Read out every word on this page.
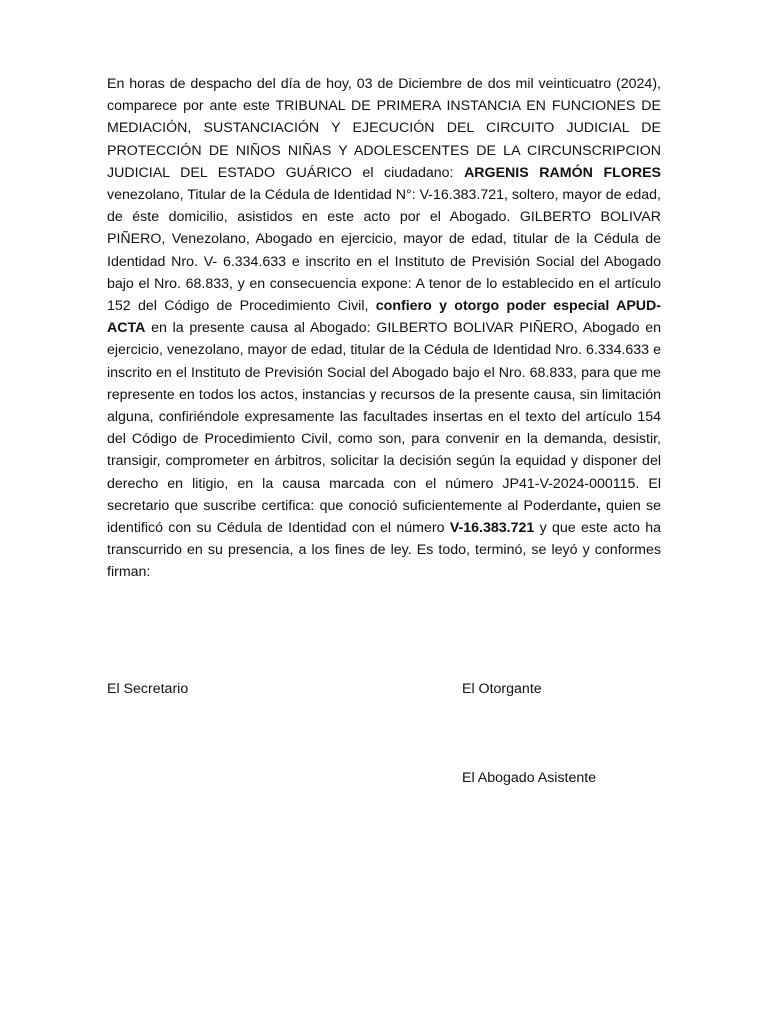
En horas de despacho del día de hoy, 03 de Diciembre de dos mil veinticuatro (2024), comparece por ante este TRIBUNAL DE PRIMERA INSTANCIA EN FUNCIONES DE MEDIACIÓN, SUSTANCIACIÓN Y EJECUCIÓN DEL CIRCUITO JUDICIAL DE PROTECCIÓN DE NIÑOS NIÑAS Y ADOLESCENTES DE LA CIRCUNSCRIPCION JUDICIAL DEL ESTADO GUÁRICO el ciudadano: ARGENIS RAMÓN FLORES venezolano, Titular de la Cédula de Identidad N°: V-16.383.721, soltero, mayor de edad, de éste domicilio, asistidos en este acto por el Abogado. GILBERTO BOLIVAR PIÑERO, Venezolano, Abogado en ejercicio, mayor de edad, titular de la Cédula de Identidad Nro. V- 6.334.633 e inscrito en el Instituto de Previsión Social del Abogado bajo el Nro. 68.833, y en consecuencia expone: A tenor de lo establecido en el artículo 152 del Código de Procedimiento Civil, confiero y otorgo poder especial APUD-ACTA en la presente causa al Abogado: GILBERTO BOLIVAR PIÑERO, Abogado en ejercicio, venezolano, mayor de edad, titular de la Cédula de Identidad Nro. 6.334.633 e inscrito en el Instituto de Previsión Social del Abogado bajo el Nro. 68.833, para que me represente en todos los actos, instancias y recursos de la presente causa, sin limitación alguna, confiriéndole expresamente las facultades insertas en el texto del artículo 154 del Código de Procedimiento Civil, como son, para convenir en la demanda, desistir, transigir, comprometer en árbitros, solicitar la decisión según la equidad y disponer del derecho en litigio, en la causa marcada con el número JP41-V-2024-000115. El secretario que suscribe certifica: que conoció suficientemente al Poderdante, quien se identificó con su Cédula de Identidad con el número V-16.383.721 y que este acto ha transcurrido en su presencia, a los fines de ley. Es todo, terminó, se leyó y conformes firman:

El Secretario	El Otorgante

El Abogado Asistente
